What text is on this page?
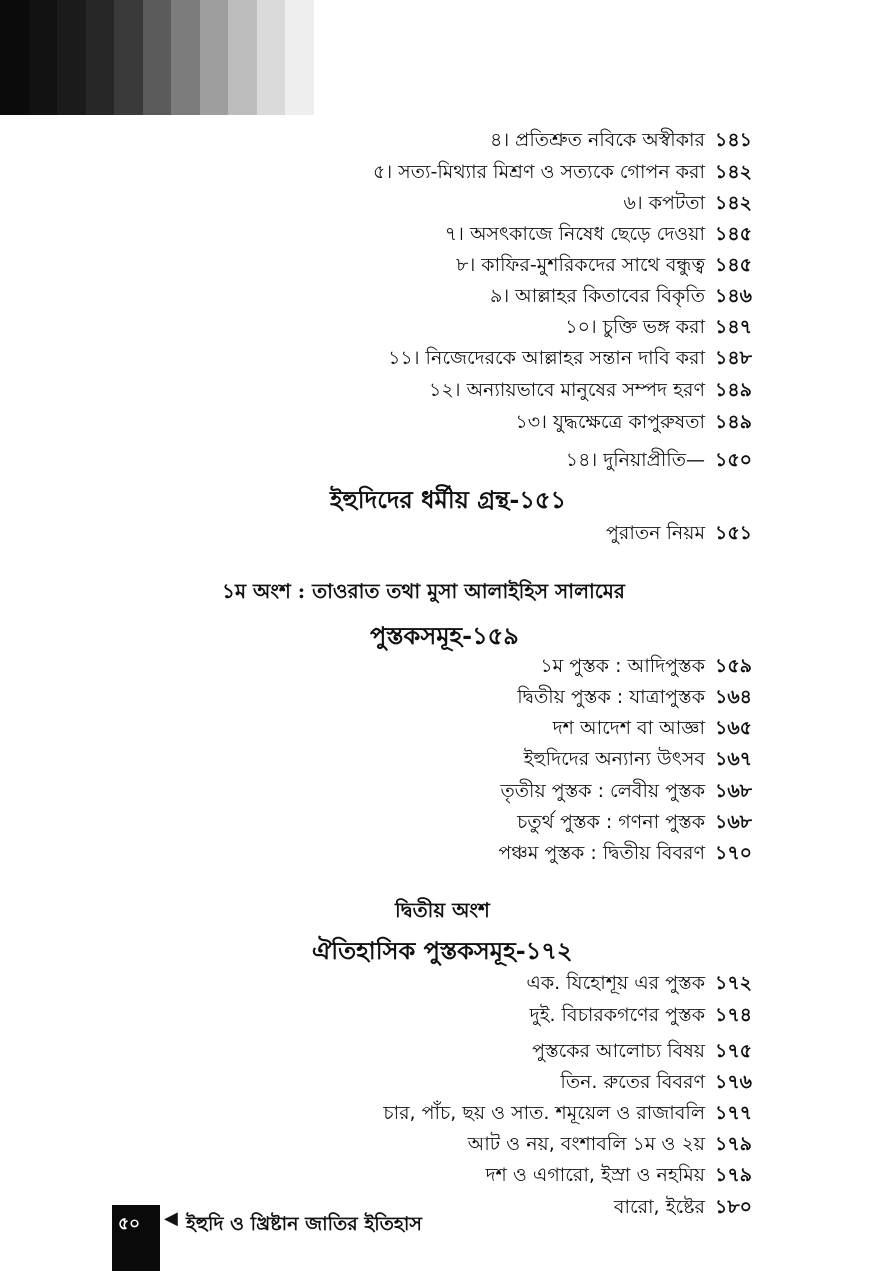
৪। প্রতিশ্রুত নবিকে অস্বীকার ১৪১
৫। সত্য-মিথ্যার মিশ্রণ ও সত্যকে গোপন করা ১৪২
৬। কপটতা ১৪২
৭। অসৎকাজে নিষেধ ছেড়ে দেওয়া ১৪৫
৮। কাফির-মুশরিকদের সাথে বন্ধুত্ব ১৪৫
৯। আল্লাহর কিতাবের বিকৃতি ১৪৬
১০। চুক্তি ভঙ্গ করা ১৪৭
১১। নিজেদেরকে আল্লাহর সন্তান দাবি করা ১৪৮
১২। অন্যায়ভাবে মানুষের সম্পদ হরণ ১৪৯
১৩। যুদ্ধক্ষেত্রে কাপুরুষতা ১৪৯
১৪। দুনিয়াপ্রীতি— ১৫০
ইহুদিদের ধর্মীয় গ্রন্থ-১৫১
পুরাতন নিয়ম ১৫১
১ম অংশ : তাওরাত তথা মুসা আলাইহিস সালামের
পুস্তকসমূহ-১৫৯
১ম পুস্তক : আদিপুস্তক ১৫৯
দ্বিতীয় পুস্তক : যাত্রাপুস্তক ১৬৪
দশ আদেশ বা আজ্ঞা ১৬৫
ইহুদিদের অন্যান্য উৎসব ১৬৭
তৃতীয় পুস্তক : লেবীয় পুস্তক ১৬৮
চতুর্থ পুস্তক : গণনা পুস্তক ১৬৮
পঞ্চম পুস্তক : দ্বিতীয় বিবরণ ১৭০
দ্বিতীয় অংশ
ঐতিহাসিক পুস্তকসমূহ-১৭২
এক. যিহোশূয় এর পুস্তক ১৭২
দুই. বিচারকগণের পুস্তক ১৭৪
পুস্তকের আলোচ্য বিষয় ১৭৫
তিন. রুতের বিবরণ ১৭৬
চার, পাঁচ, ছয় ও সাত. শমূয়েল ও রাজাবলি ১৭৭
আট ও নয়, বংশাবলি ১ম ও ২য় ১৭৯
দশ ও এগারো, ইস্রা ও নহমিয় ১৭৯
বারো, ইষ্টের ১৮০
৫০ ◀ ইহুদি ও খ্রিষ্টান জাতির ইতিহাস
